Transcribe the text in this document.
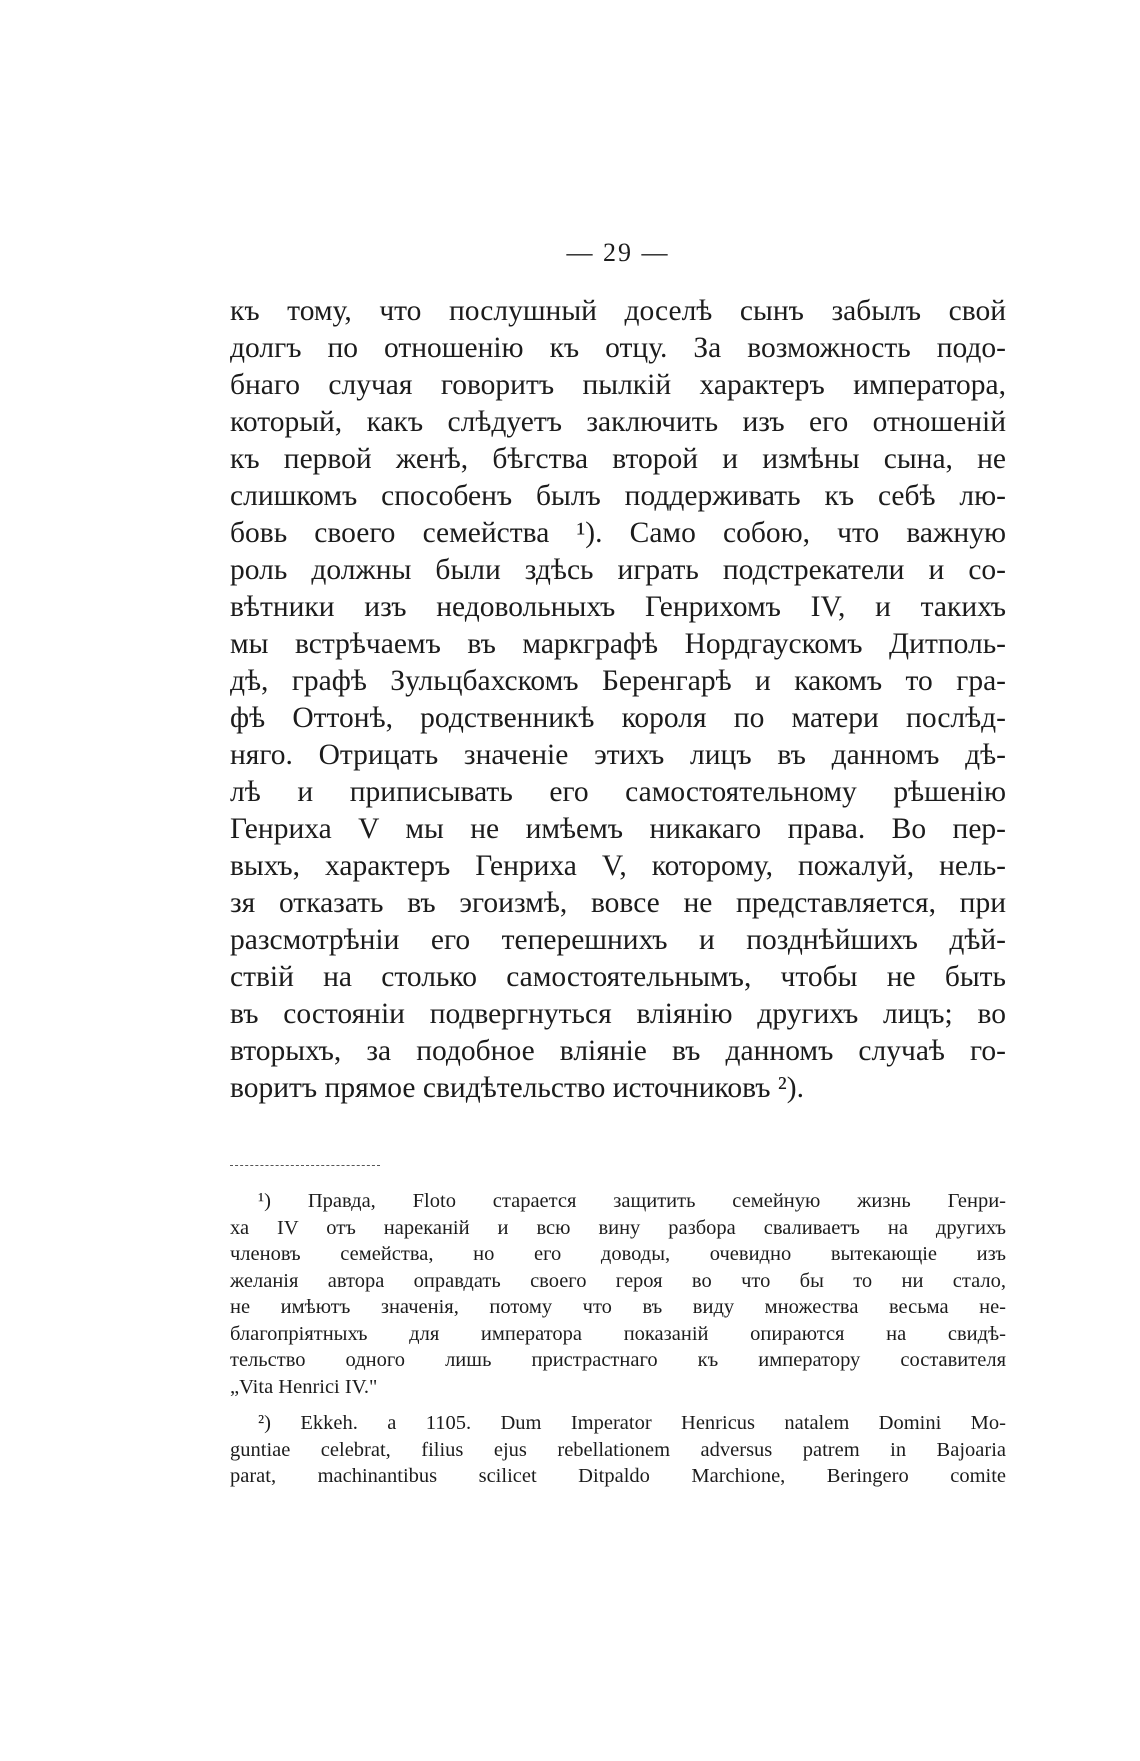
— 29 —
къ тому, что послушный доселѣ сынъ забылъ свой
долгъ по отношенію къ отцу. За возможность подо-
бнаго случая говоритъ пылкій характеръ императора,
который, какъ слѣдуетъ заключить изъ его отношеній
къ первой женѣ, бѣгства второй и измѣны сына, не
слишкомъ способенъ былъ поддерживать къ себѣ лю-
бовь своего семейства ¹). Само собою, что важную
роль должны были здѣсь играть подстрекатели и со-
вѣтники изъ недовольныхъ Генрихомъ IV, и такихъ
мы встрѣчаемъ въ маркграфѣ Нордгаускомъ Дитполь-
дѣ, графѣ Зульцбахскомъ Беренгарѣ и какомъ то гра-
фѣ Оттонѣ, родственникѣ короля по матери послѣд-
няго. Отрицать значеніе этихъ лицъ въ данномъ дѣ-
лѣ и приписывать его самостоятельному рѣшенію
Генриха V мы не имѣемъ никакаго права. Во пер-
выхъ, характеръ Генриха V, которому, пожалуй, нель-
зя отказать въ эгоизмѣ, вовсе не представляется, при
разсмотрѣніи его теперешнихъ и позднѣйшихъ дѣй-
ствій на столько самостоятельнымъ, чтобы не быть
въ состояніи подвергнуться вліянію другихъ лицъ; во
вторыхъ, за подобное вліяніе въ данномъ случаѣ го-
воритъ прямое свидѣтельство источниковъ ²).
¹) Правда, Floto старается защитить семейную жизнь Генри-
ха IV отъ нареканій и всю вину разбора сваливаетъ на другихъ
членовъ семейства, но его доводы, очевидно вытекающіе изъ
желанія автора оправдать своего героя во что бы то ни стало,
не имѣютъ значенія, потому что въ виду множества весьма не-
благопріятныхъ для императора показаній опираются на свидѣ-
тельство одного лишь пристрастнаго къ императору составителя
„Vita Henrici IV."
²) Ekkeh. a 1105. Dum Imperator Henricus natalem Domini Mo-
guntiae celebrat, filius ejus rebellationem adversus patrem in Bajoaria
parat, machinantibus scilicet Ditpaldo Marchione, Beringero comite
